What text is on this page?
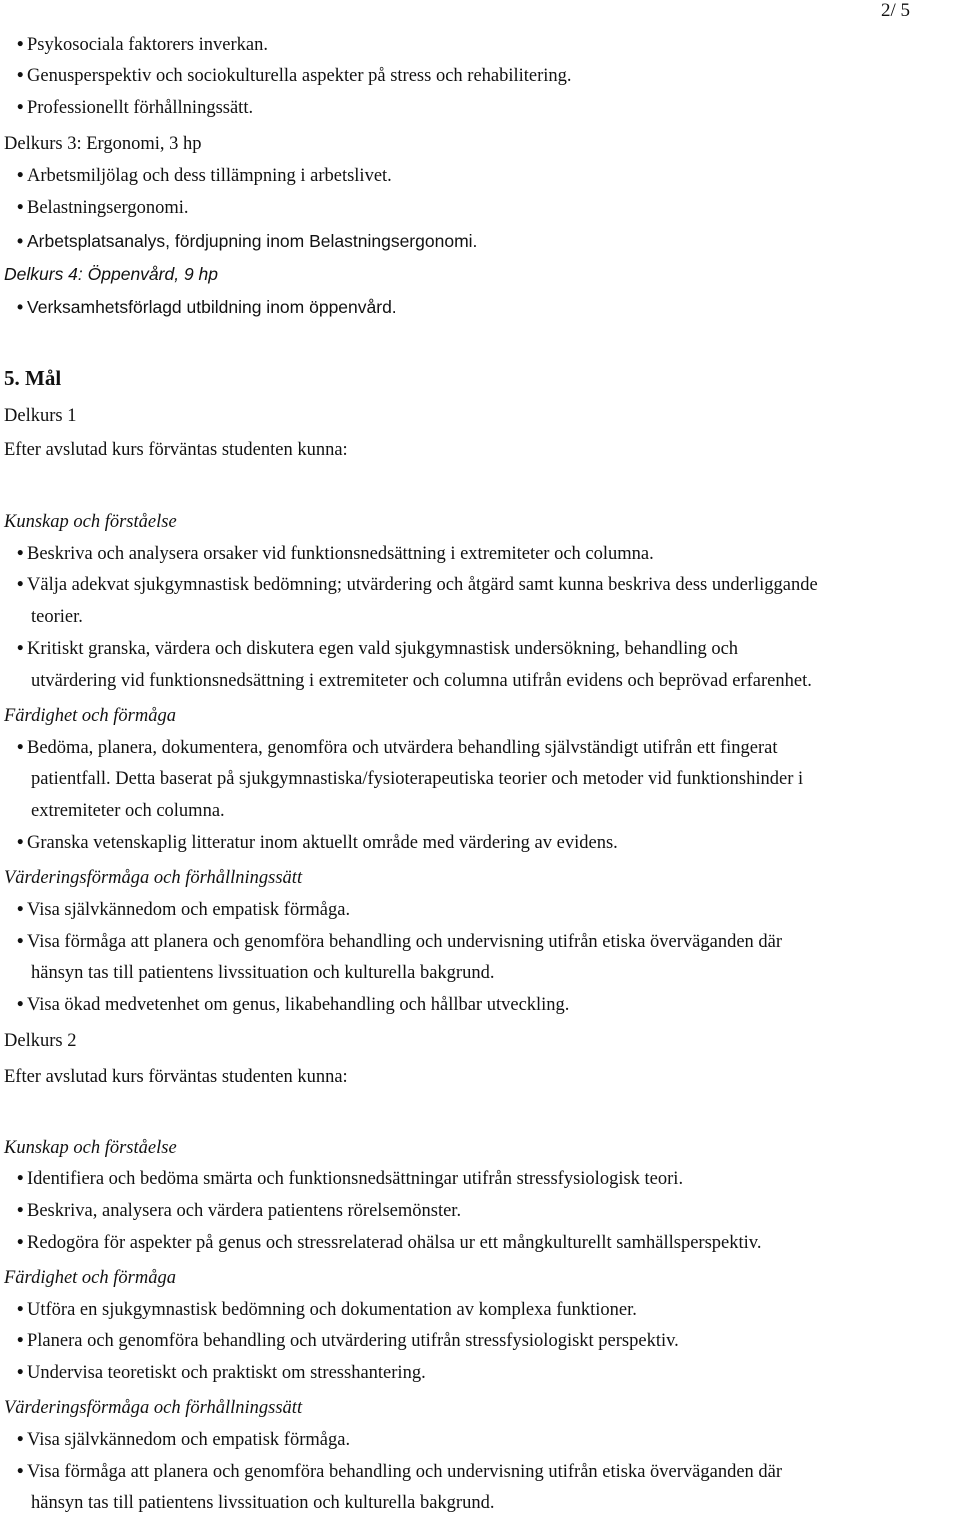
2/ 5
• Psykosociala faktorers inverkan.
• Genusperspektiv och sociokulturella aspekter på stress och rehabilitering.
• Professionellt förhållningssätt.
Delkurs 3: Ergonomi, 3 hp
• Arbetsmiljölag och dess tillämpning i arbetslivet.
• Belastningsergonomi.
• Arbetsplatsanalys, fördjupning inom Belastningsergonomi.
Delkurs 4: Öppenvård, 9 hp
• Verksamhetsförlagd utbildning inom öppenvård.
5. Mål
Delkurs 1
Efter avslutad kurs förväntas studenten kunna:
Kunskap och förståelse
• Beskriva och analysera orsaker vid funktionsnedsättning i extremiteter och columna.
• Välja adekvat sjukgymnastisk bedömning; utvärdering och åtgärd samt kunna beskriva dess underliggande
teorier.
• Kritiskt granska, värdera och diskutera egen vald sjukgymnastisk undersökning, behandling och
utvärdering vid funktionsnedsättning i extremiteter och columna utifrån evidens och beprövad erfarenhet.
Färdighet och förmåga
• Bedöma, planera, dokumentera, genomföra och utvärdera behandling självständigt utifrån ett fingerat
patientfall. Detta baserat på sjukgymnastiska/fysioterapeutiska teorier och metoder vid funktionshinder i
extremiteter och columna.
• Granska vetenskaplig litteratur inom aktuellt område med värdering av evidens.
Värderingsförmåga och förhållningssätt
• Visa självkännedom och empatisk förmåga.
• Visa förmåga att planera och genomföra behandling och undervisning utifrån etiska överväganden där
hänsyn tas till patientens livssituation och kulturella bakgrund.
• Visa ökad medvetenhet om genus, likabehandling och hållbar utveckling.
Delkurs 2
Efter avslutad kurs förväntas studenten kunna:
Kunskap och förståelse
• Identifiera och bedöma smärta och funktionsnedsättningar utifrån stressfysiologisk teori.
• Beskriva, analysera och värdera patientens rörelsemönster.
• Redogöra för aspekter på genus och stressrelaterad ohälsa ur ett mångkulturellt samhällsperspektiv.
Färdighet och förmåga
• Utföra en sjukgymnastisk bedömning och dokumentation av komplexa funktioner.
• Planera och genomföra behandling och utvärdering utifrån stressfysiologiskt perspektiv.
• Undervisa teoretiskt och praktiskt om stresshantering.
Värderingsförmåga och förhållningssätt
• Visa självkännedom och empatisk förmåga.
• Visa förmåga att planera och genomföra behandling och undervisning utifrån etiska överväganden där
hänsyn tas till patientens livssituation och kulturella bakgrund.
